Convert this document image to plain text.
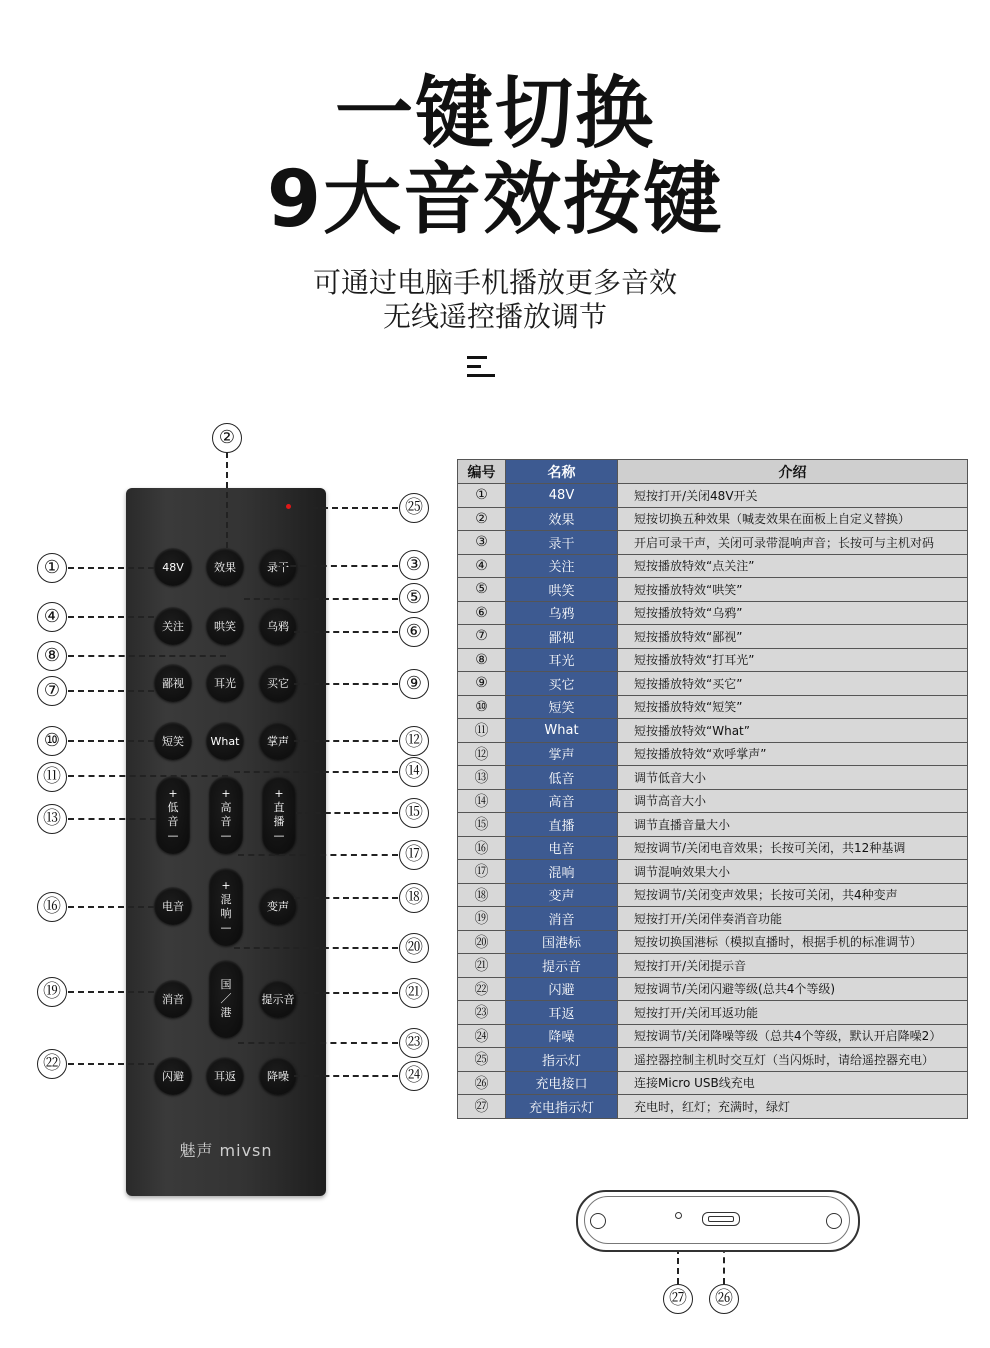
一键切换
9大音效按键
可通过电脑手机播放更多音效
无线遥控播放调节
48V	效果	录干
关注	哄笑	乌鸦
鄙视	耳光	买它
短笑	What	掌声
+
低
音
—
+
高
音
—
+
直
播
—
电音
+
混
响
—
变声
消音
国
／
港
提示音
闪避	耳返	降噪
魅声 mivsn
①
②
③
④
⑤
⑥
⑦
⑧
⑨
⑩
⑪
⑫
⑬
⑭
⑮
⑯
⑰
⑱
⑲
⑳
㉑
㉒
㉓
㉔
㉕
㉖
㉗
编号	名称	介绍
①	48V	短按打开/关闭48V开关
②	效果	短按切换五种效果（喊麦效果在面板上自定义替换）
③	录干	开启可录干声，关闭可录带混响声音；长按可与主机对码
④	关注	短按播放特效“点关注”
⑤	哄笑	短按播放特效“哄笑”
⑥	乌鸦	短按播放特效“乌鸦”
⑦	鄙视	短按播放特效“鄙视”
⑧	耳光	短按播放特效“打耳光”
⑨	买它	短按播放特效“买它”
⑩	短笑	短按播放特效“短笑”
⑪	What	短按播放特效“What”
⑫	掌声	短按播放特效“欢呼掌声”
⑬	低音	调节低音大小
⑭	高音	调节高音大小
⑮	直播	调节直播音量大小
⑯	电音	短按调节/关闭电音效果；长按可关闭，共12种基调
⑰	混响	调节混响效果大小
⑱	变声	短按调节/关闭变声效果；长按可关闭，共4种变声
⑲	消音	短按打开/关闭伴奏消音功能
⑳	国港标	短按切换国港标（模拟直播时，根据手机的标准调节）
㉑	提示音	短按打开/关闭提示音
㉒	闪避	短按调节/关闭闪避等级(总共4个等级)
㉓	耳返	短按打开/关闭耳返功能
㉔	降噪	短按调节/关闭降噪等级（总共4个等级，默认开启降噪2）
㉕	指示灯	遥控器控制主机时交互灯（当闪烁时，请给遥控器充电）
㉖	充电接口	连接Micro USB线充电
㉗	充电指示灯	充电时，红灯；充满时，绿灯
